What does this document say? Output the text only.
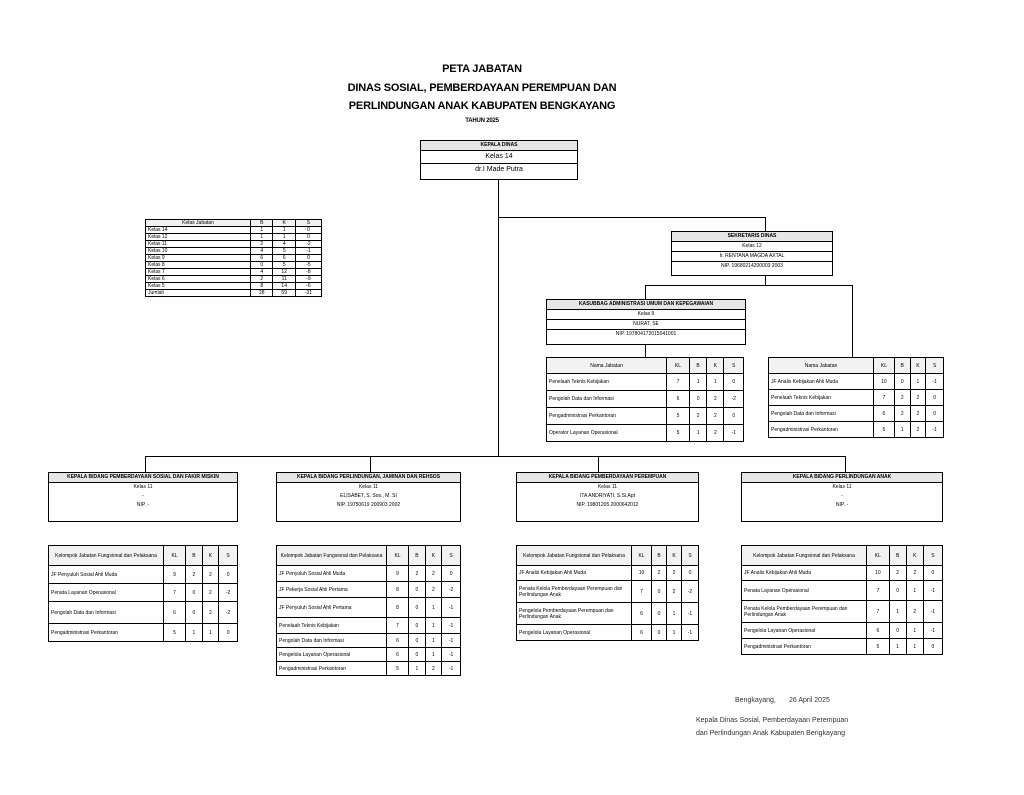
PETA JABATAN
DINAS SOSIAL, PEMBERDAYAAN PEREMPUAN DAN
PERLINDUNGAN ANAK KABUPATEN BENGKAYANG
TAHUN 2025
KEPALA DINAS
Kelas 14
dr.I Made Putra
Kelas Jabatan	B	K	S
Kelas 14	1	1	0
Kelas 12	1	1	0
Kelas 11	2	4	-2
Kelas 10	4	5	-1
Kelas 9	6	6	0
Kelas 8	0	5	-5
Kelas 7	4	12	-8
Kelas 6	2	11	-9
Kelas 5	8	14	-6
Jumlah	28	59	-31
SEKRETARIS DINAS
Kelas 12
Ir. RENTANA MAGDA AXTAL
NIP. 19680214200003 2003
KASUBBAG ADMINISTRASI UMUM DAN KEPEGAWAIAN
Kelas 9
NURAT, SE
NIP. 197804172015041001
Nama Jabatan	KL	B	K	S
Penelaah Teknis Kebijakan	7	1	1	0
Pengolah Data dan Informasi	6	0	2	-2
Pengadministrasi Perkantoran	5	2	2	0
Operator Layanan Operasional	5	1	2	-1
Nama Jabatan	KL	B	K	S
JF Analis Kebijakan Ahli Muda	10	0	1	-1
Penelaah Teknis Kebijakan	7	2	2	0
Pengolah Data dan Informasi	6	2	2	0
Pengadministrasi Perkantoran	5	1	2	-1
KEPALA BIDANG PEMBERDAYAAN SOSIAL DAN FAKIR MISKIN
Kelas 11
-
NIP. -
KEPALA BIDANG PERLINDUNGAN, JAMINAN DAN REHSOS
Kelas 11
ELISABET, S. Sos., M. SI
NIP. 19750619 200903 2002
KEPALA BIDANG PEMBERDAYAAN PEREMPUAN
Kelas 11
ITA ANDRIYATI, S.Si.Apt
NIP. 19801205 2000642012
KEPALA BIDANG PERLINDUNGAN ANAK
Kelas 11
-
NIP. -
Kelompok Jabatan Fungsional dan Pelaksana	KL	B	K	S
JF Penyuluh Sosial Ahli Muda	9	2	2	0
Penata Layanan Operasional	7	0	2	-2
Pengolah Data dan Informasi	6	0	2	-2
Pengadministrasi Perkantoran	5	1	1	0
Kelompok Jabatan Fungsional dan Pelaksana	KL	B	K	S
JF Penyuluh Sosial Ahli Muda	9	2	2	0
JF Pekerja Sosial Ahli Pertama	8	0	2	-2
JF Penyuluh Sosial Ahli Pertama	8	0	1	-1
Penelaah Teknis Kebijakan	7	0	1	-1
Pengolah Data dan Informasi	6	0	1	-1
Pengelola Layanan Operasional	6	0	1	-1
Pengadministrasi Perkantoran	5	1	2	-1
Kelompok Jabatan Fungsional dan Pelaksana	KL	B	K	S
JF Analis Kebijakan Ahli Muda	10	2	2	0
Penata Kelola Pemberdayaan Perempuan dan Perlindungan Anak	7	0	2	-2
Pengelola Pemberdayaan Perempuan dan Perlindungan Anak	6	0	1	-1
Pengelola Layanan Operasional	6	0	1	-1
Kelompok Jabatan Fungsional dan Pelaksana	KL	B	K	S
JF Analis Kebijakan Ahli Muda	10	2	2	0
Penata Layanan Operasional	7	0	1	-1
Penata Kelola Pemberdayaan Perempuan dan Perlindungan Anak	7	1	2	-1
Pengelola Layanan Operasional	6	0	1	-1
Pengadministrasi Perkantoran	5	1	1	0
Bengkayang, 26 April 2025
Kepala Dinas Sosial, Pemberdayaan Perempuan
dan Perlindungan Anak Kabupaten Bengkayang
